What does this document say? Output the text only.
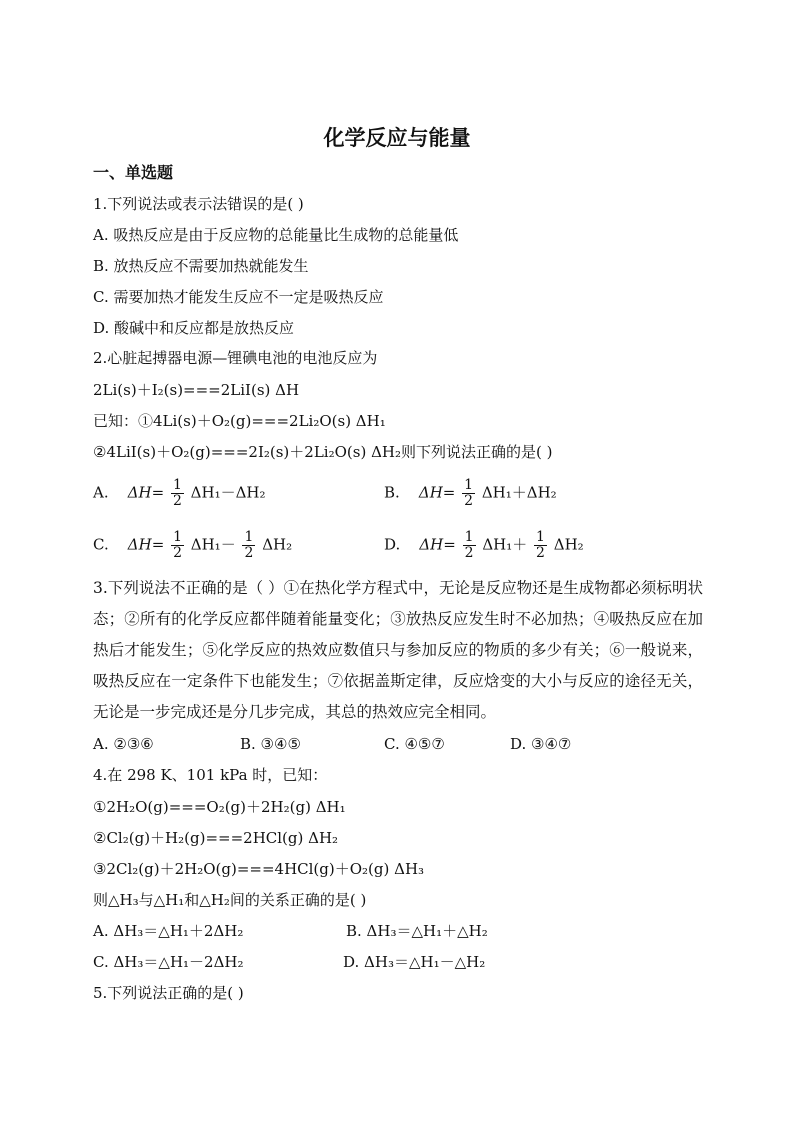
化学反应与能量
一、单选题
1.下列说法或表示法错误的是( )
A. 吸热反应是由于反应物的总能量比生成物的总能量低
B. 放热反应不需要加热就能发生
C. 需要加热才能发生反应不一定是吸热反应
D. 酸碱中和反应都是放热反应
2.心脏起搏器电源—锂碘电池的电池反应为
2Li(s)＋I₂(s)===2LiI(s) ΔH
已知：①4Li(s)＋O₂(g)===2Li₂O(s) ΔH₁
②4LiI(s)＋O₂(g)===2I₂(s)＋2Li₂O(s) ΔH₂则下列说法正确的是( )
A. $\Delta H= \frac{1}{2} \Delta H_1-\Delta H_2$	B. $\Delta H= \frac{1}{2} \Delta H_1+\Delta H_2$
C. $\Delta H= \frac{1}{2} \Delta H_1- \frac{1}{2} \Delta H_2$	D. $\Delta H= \frac{1}{2} \Delta H_1+ \frac{1}{2} \Delta H_2$
3.下列说法不正确的是（ ）①在热化学方程式中，无论是反应物还是生成物都必须标明状态；②所有的化学反应都伴随着能量变化；③放热反应发生时不必加热；④吸热反应在加热后才能发生；⑤化学反应的热效应数值只与参加反应的物质的多少有关；⑥一般说来，吸热反应在一定条件下也能发生；⑦依据盖斯定律，反应焓变的大小与反应的途径无关，无论是一步完成还是分几步完成，其总的热效应完全相同。
A. ②③⑥	B. ③④⑤	C. ④⑤⑦	D. ③④⑦
4.在 298 K、101 kPa 时，已知：
①2H₂O(g)===O₂(g)＋2H₂(g) ΔH₁
②Cl₂(g)＋H₂(g)===2HCl(g) ΔH₂
③2Cl₂(g)＋2H₂O(g)===4HCl(g)＋O₂(g) ΔH₃
则△H₃与△H₁和△H₂间的关系正确的是( )
A. ΔH₃＝△H₁＋2ΔH₂	B. ΔH₃＝△H₁＋△H₂
C. ΔH₃＝△H₁－2ΔH₂	D. ΔH₃＝△H₁－△H₂
5.下列说法正确的是( )
